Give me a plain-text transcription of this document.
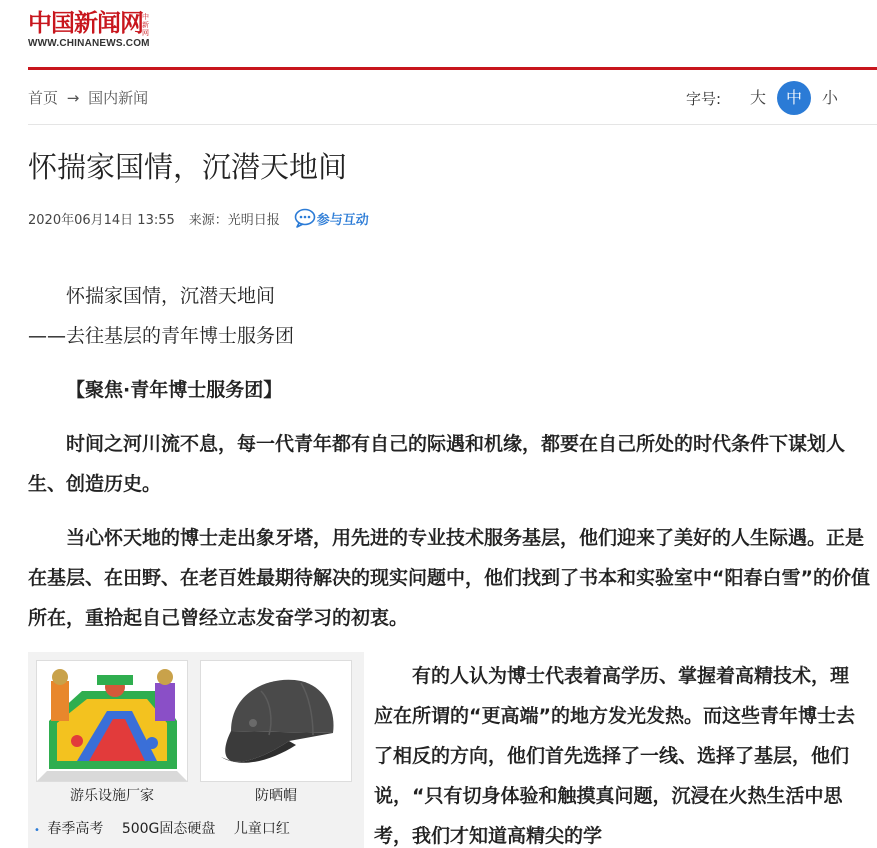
中国新闻网 中新网
WWW.CHINANEWS.COM
首页 → 国内新闻	字号:	大	中	小
怀揣家国情，沉潜天地间
2020年06月14日 13:55 来源：光明日报	参与互动
怀揣家国情，沉潜天地间
——去往基层的青年博士服务团
【聚焦·青年博士服务团】
时间之河川流不息，每一代青年都有自己的际遇和机缘，都要在自己所处的时代条件下谋划人生、创造历史。
当心怀天地的博士走出象牙塔，用先进的专业技术服务基层，他们迎来了美好的人生际遇。正是在基层、在田野、在老百姓最期待解决的现实问题中，他们找到了书本和实验室中“阳春白雪”的价值所在，重拾起自己曾经立志发奋学习的初衷。
游乐设施厂家	防晒帽
• 春季高考 500G固态硬盘 儿童口红
有的人认为博士代表着高学历、掌握着高精技术，理应在所谓的“更高端”的地方发光发热。而这些青年博士去了相反的方向，他们首先选择了一线、选择了基层，他们说，“只有切身体验和触摸真问题，沉浸在火热生活中思考，我们才知道高精尖的学
